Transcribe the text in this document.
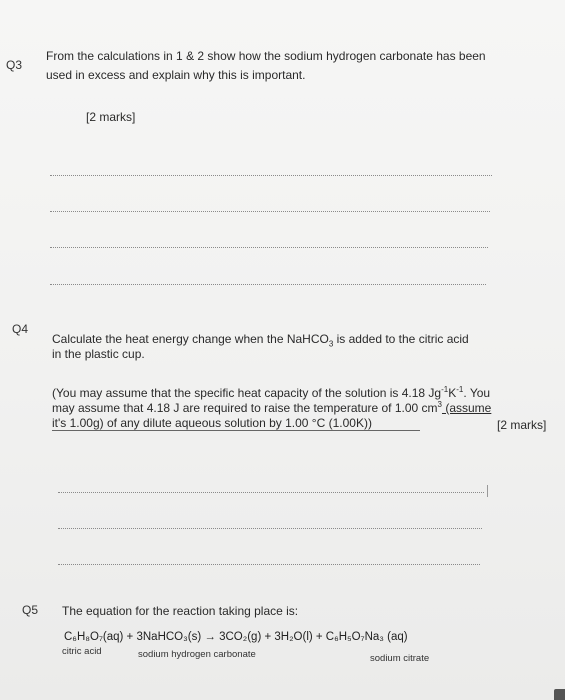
Q3
From the calculations in 1 & 2 show how the sodium hydrogen carbonate has been
used in excess and explain why this is important.
[2 marks]
Q4
Calculate the heat energy change when the NaHCO$_3$ is added to the citric acid
in the plastic cup.
(You may assume that the specific heat capacity of the solution is 4.18 $Jg^{-1}K^{-1}$. You
may assume that 4.18 J are required to raise the temperature of 1.00 $cm^3$ (assume
it's 1.00g) of any dilute aqueous solution by 1.00 °C (1.00K))	[2 marks]
Q5 The equation for the reaction taking place is:
C₆H₈O₇(aq) + 3NaHCO₃(s) → 3CO₂(g) + 3H₂O(l) + C₆H₅O₇Na₃ (aq)
citric acid	sodium hydrogen carbonate	sodium citrate
